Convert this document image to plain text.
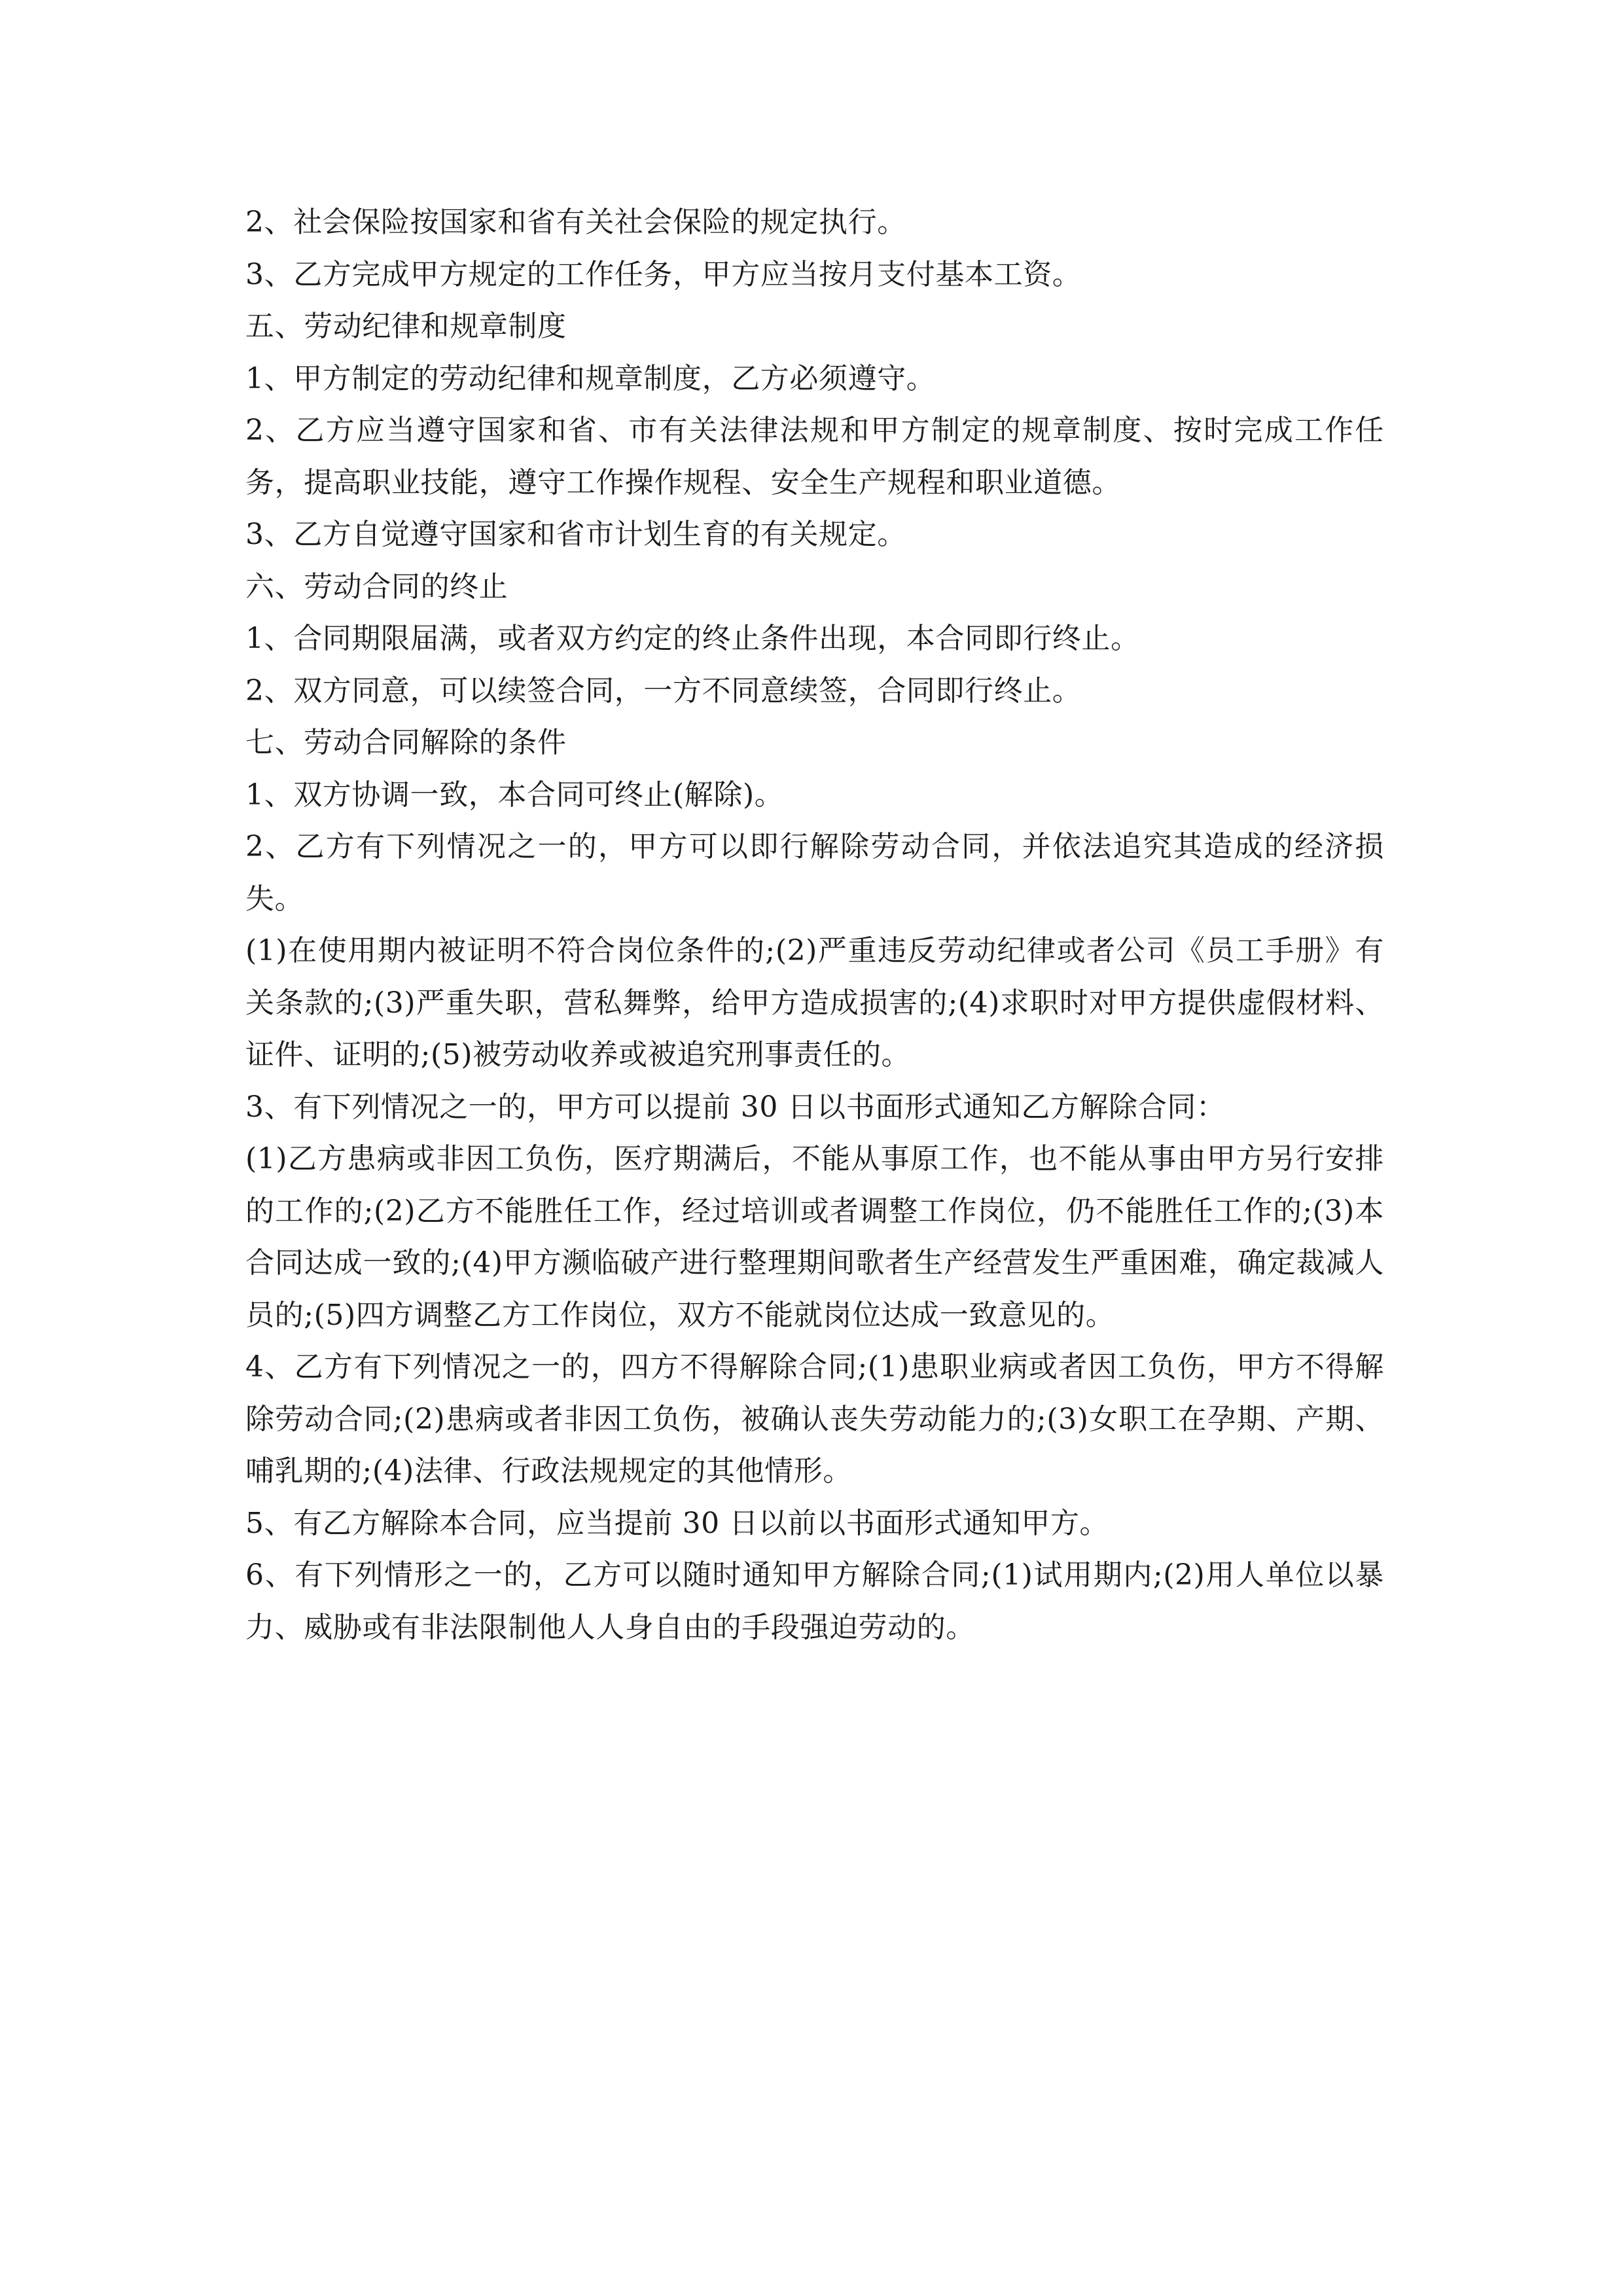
2、社会保险按国家和省有关社会保险的规定执行。

3、乙方完成甲方规定的工作任务，甲方应当按月支付基本工资。

五、劳动纪律和规章制度

1、甲方制定的劳动纪律和规章制度，乙方必须遵守。

2、乙方应当遵守国家和省、市有关法律法规和甲方制定的规章制度、按时完成工作任务，提高职业技能，遵守工作操作规程、安全生产规程和职业道德。

3、乙方自觉遵守国家和省市计划生育的有关规定。

六、劳动合同的终止

1、合同期限届满，或者双方约定的终止条件出现，本合同即行终止。

2、双方同意，可以续签合同，一方不同意续签，合同即行终止。

七、劳动合同解除的条件

1、双方协调一致，本合同可终止(解除)。

2、乙方有下列情况之一的，甲方可以即行解除劳动合同，并依法追究其造成的经济损失。

(1)在使用期内被证明不符合岗位条件的;(2)严重违反劳动纪律或者公司《员工手册》有关条款的;(3)严重失职，营私舞弊，给甲方造成损害的;(4)求职时对甲方提供虚假材料、证件、证明的;(5)被劳动收养或被追究刑事责任的。

3、有下列情况之一的，甲方可以提前 30 日以书面形式通知乙方解除合同：

(1)乙方患病或非因工负伤，医疗期满后，不能从事原工作，也不能从事由甲方另行安排的工作的;(2)乙方不能胜任工作，经过培训或者调整工作岗位，仍不能胜任工作的;(3)本合同达成一致的;(4)甲方濒临破产进行整理期间歌者生产经营发生严重困难，确定裁减人员的;(5)四方调整乙方工作岗位，双方不能就岗位达成一致意见的。

4、乙方有下列情况之一的，四方不得解除合同;(1)患职业病或者因工负伤，甲方不得解除劳动合同;(2)患病或者非因工负伤，被确认丧失劳动能力的;(3)女职工在孕期、产期、哺乳期的;(4)法律、行政法规规定的其他情形。

5、有乙方解除本合同，应当提前 30 日以前以书面形式通知甲方。

6、有下列情形之一的，乙方可以随时通知甲方解除合同;(1)试用期内;(2)用人单位以暴力、威胁或有非法限制他人人身自由的手段强迫劳动的。
